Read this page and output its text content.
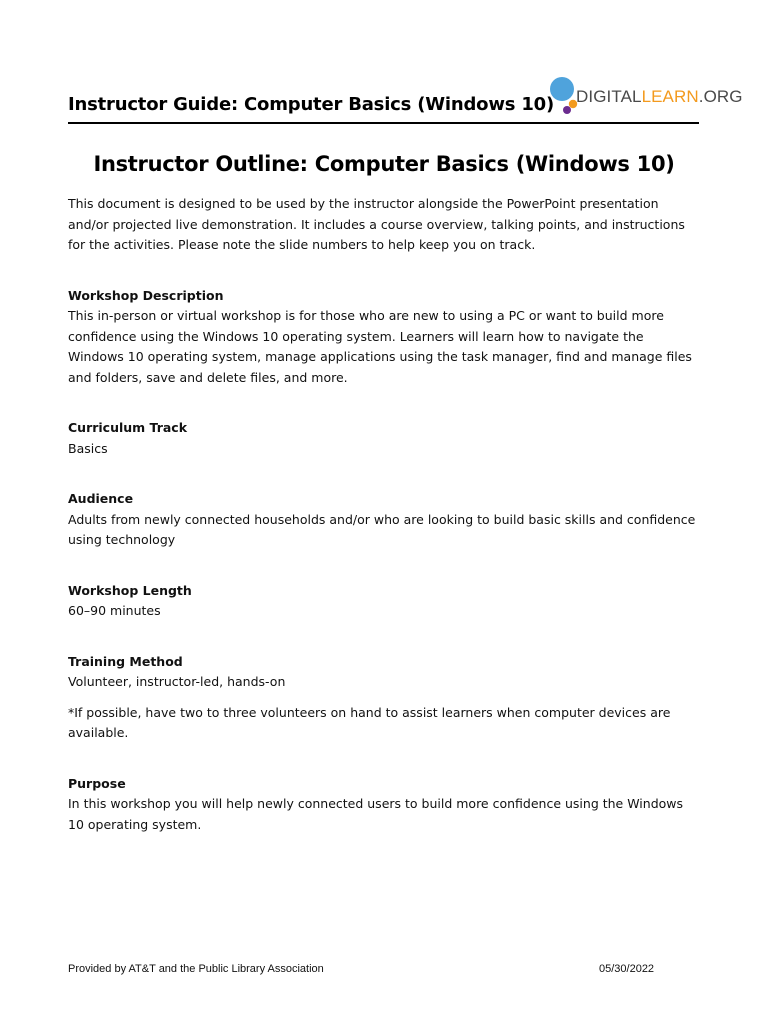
Instructor Guide: Computer Basics (Windows 10) DIGITALLEARN.ORG
Instructor Outline: Computer Basics (Windows 10)

This document is designed to be used by the instructor alongside the PowerPoint presentation and/or projected live demonstration. It includes a course overview, talking points, and instructions for the activities. Please note the slide numbers to help keep you on track.

Workshop Description

This in-person or virtual workshop is for those who are new to using a PC or want to build more confidence using the Windows 10 operating system. Learners will learn how to navigate the Windows 10 operating system, manage applications using the task manager, find and manage files and folders, save and delete files, and more.

Curriculum Track

Basics

Audience

Adults from newly connected households and/or who are looking to build basic skills and confidence using technology

Workshop Length

60–90 minutes

Training Method

Volunteer, instructor-led, hands-on

*If possible, have two to three volunteers on hand to assist learners when computer devices are available.

Purpose

In this workshop you will help newly connected users to build more confidence using the Windows 10 operating system.

Provided by AT&T and the Public Library Association	05/30/2022
